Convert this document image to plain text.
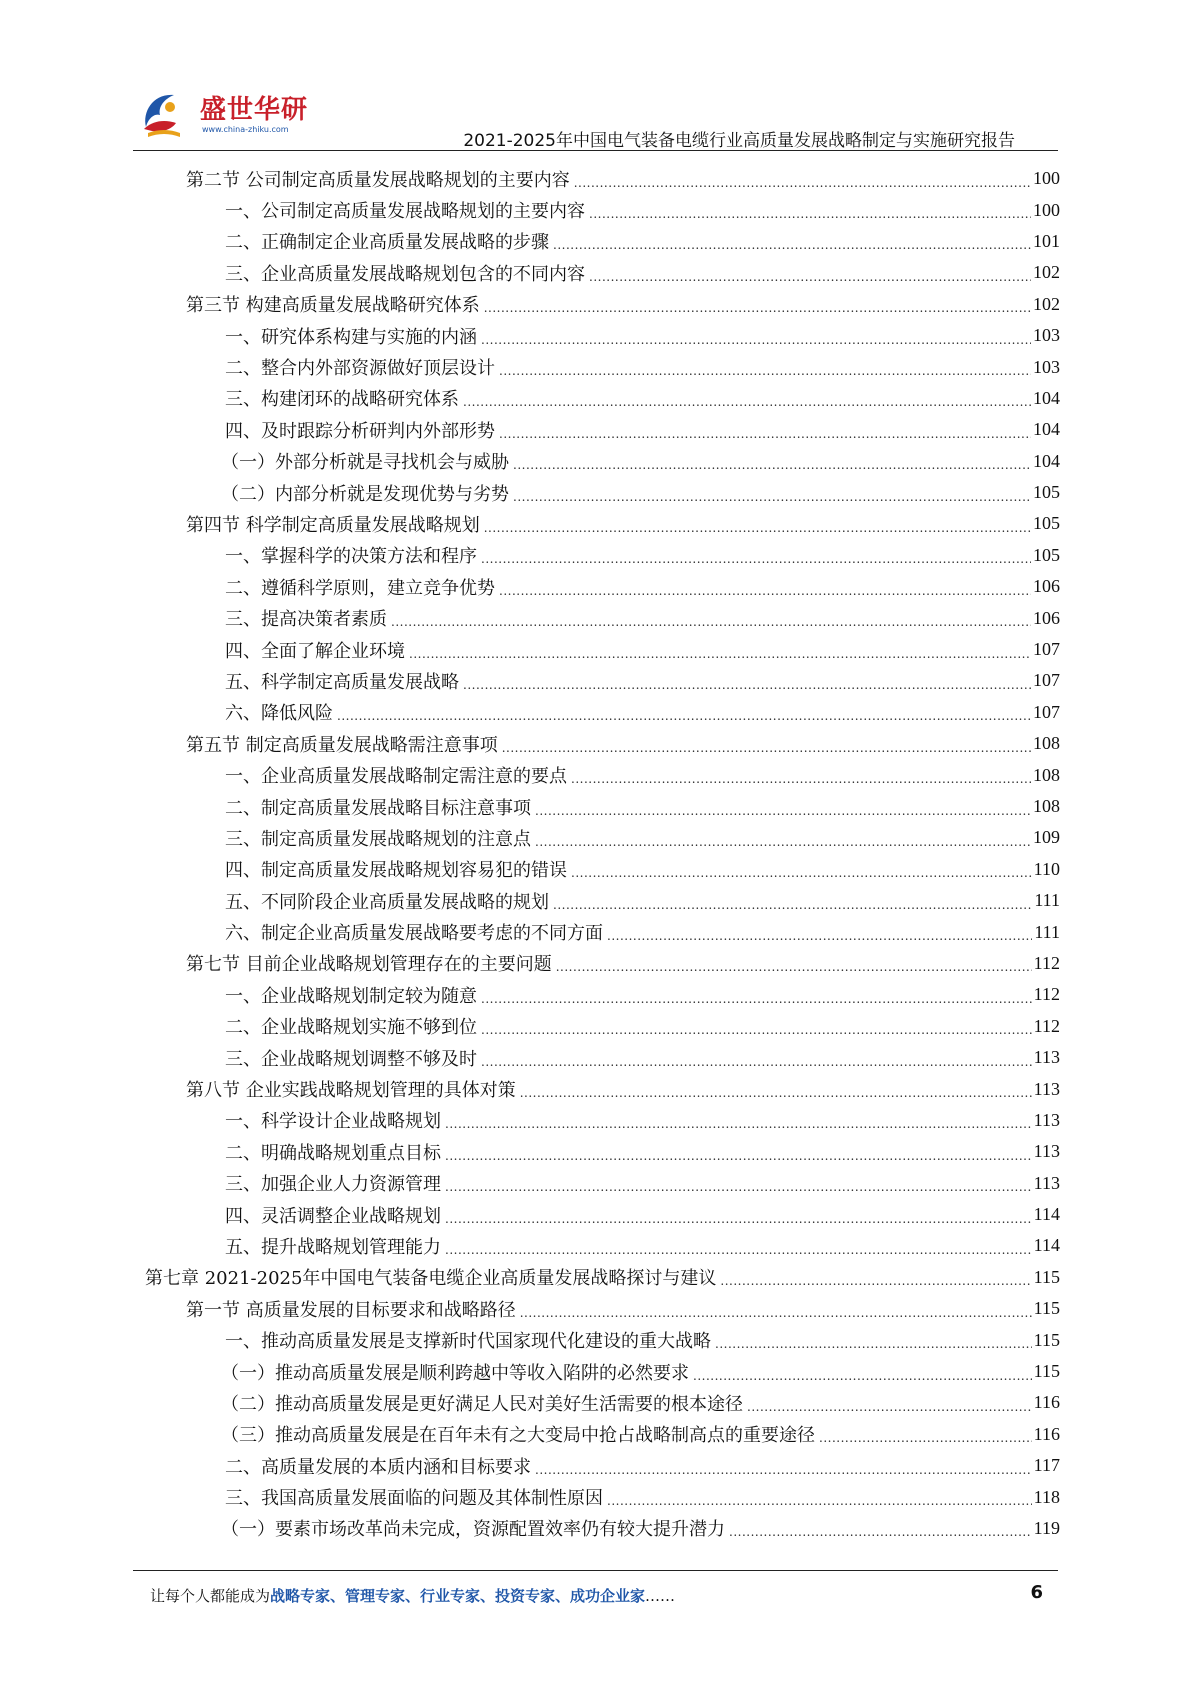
盛世华研
www.china-zhiku.com
2021-2025年中国电气装备电缆行业高质量发展战略制定与实施研究报告
第二节 公司制定高质量发展战略规划的主要内容 .....	100
一、公司制定高质量发展战略规划的主要内容 .....	100
二、正确制定企业高质量发展战略的步骤 .....	101
三、企业高质量发展战略规划包含的不同内容 .....	102
第三节 构建高质量发展战略研究体系 .....	102
一、研究体系构建与实施的内涵 .....	103
二、整合内外部资源做好顶层设计 .....	103
三、构建闭环的战略研究体系 .....	104
四、及时跟踪分析研判内外部形势 .....	104
（一）外部分析就是寻找机会与威胁 .....	104
（二）内部分析就是发现优势与劣势 .....	105
第四节 科学制定高质量发展战略规划 .....	105
一、掌握科学的决策方法和程序 .....	105
二、遵循科学原则，建立竞争优势 .....	106
三、提高决策者素质 .....	106
四、全面了解企业环境 .....	107
五、科学制定高质量发展战略 .....	107
六、降低风险 .....	107
第五节 制定高质量发展战略需注意事项 .....	108
一、企业高质量发展战略制定需注意的要点 .....	108
二、制定高质量发展战略目标注意事项 .....	108
三、制定高质量发展战略规划的注意点 .....	109
四、制定高质量发展战略规划容易犯的错误 .....	110
五、不同阶段企业高质量发展战略的规划 .....	111
六、制定企业高质量发展战略要考虑的不同方面 .....	111
第七节 目前企业战略规划管理存在的主要问题 .....	112
一、企业战略规划制定较为随意 .....	112
二、企业战略规划实施不够到位 .....	112
三、企业战略规划调整不够及时 .....	113
第八节 企业实践战略规划管理的具体对策 .....	113
一、科学设计企业战略规划 .....	113
二、明确战略规划重点目标 .....	113
三、加强企业人力资源管理 .....	113
四、灵活调整企业战略规划 .....	114
五、提升战略规划管理能力 .....	114
第七章 2021-2025年中国电气装备电缆企业高质量发展战略探讨与建议 .....	115
第一节 高质量发展的目标要求和战略路径 .....	115
一、推动高质量发展是支撑新时代国家现代化建设的重大战略 .....	115
（一）推动高质量发展是顺利跨越中等收入陷阱的必然要求 .....	115
（二）推动高质量发展是更好满足人民对美好生活需要的根本途径 .....	116
（三）推动高质量发展是在百年未有之大变局中抢占战略制高点的重要途径 .....	116
二、高质量发展的本质内涵和目标要求 .....	117
三、我国高质量发展面临的问题及其体制性原因 .....	118
（一）要素市场改革尚未完成，资源配置效率仍有较大提升潜力 .....	119
让每个人都能成为战略专家、管理专家、行业专家、投资专家、成功企业家……	6
